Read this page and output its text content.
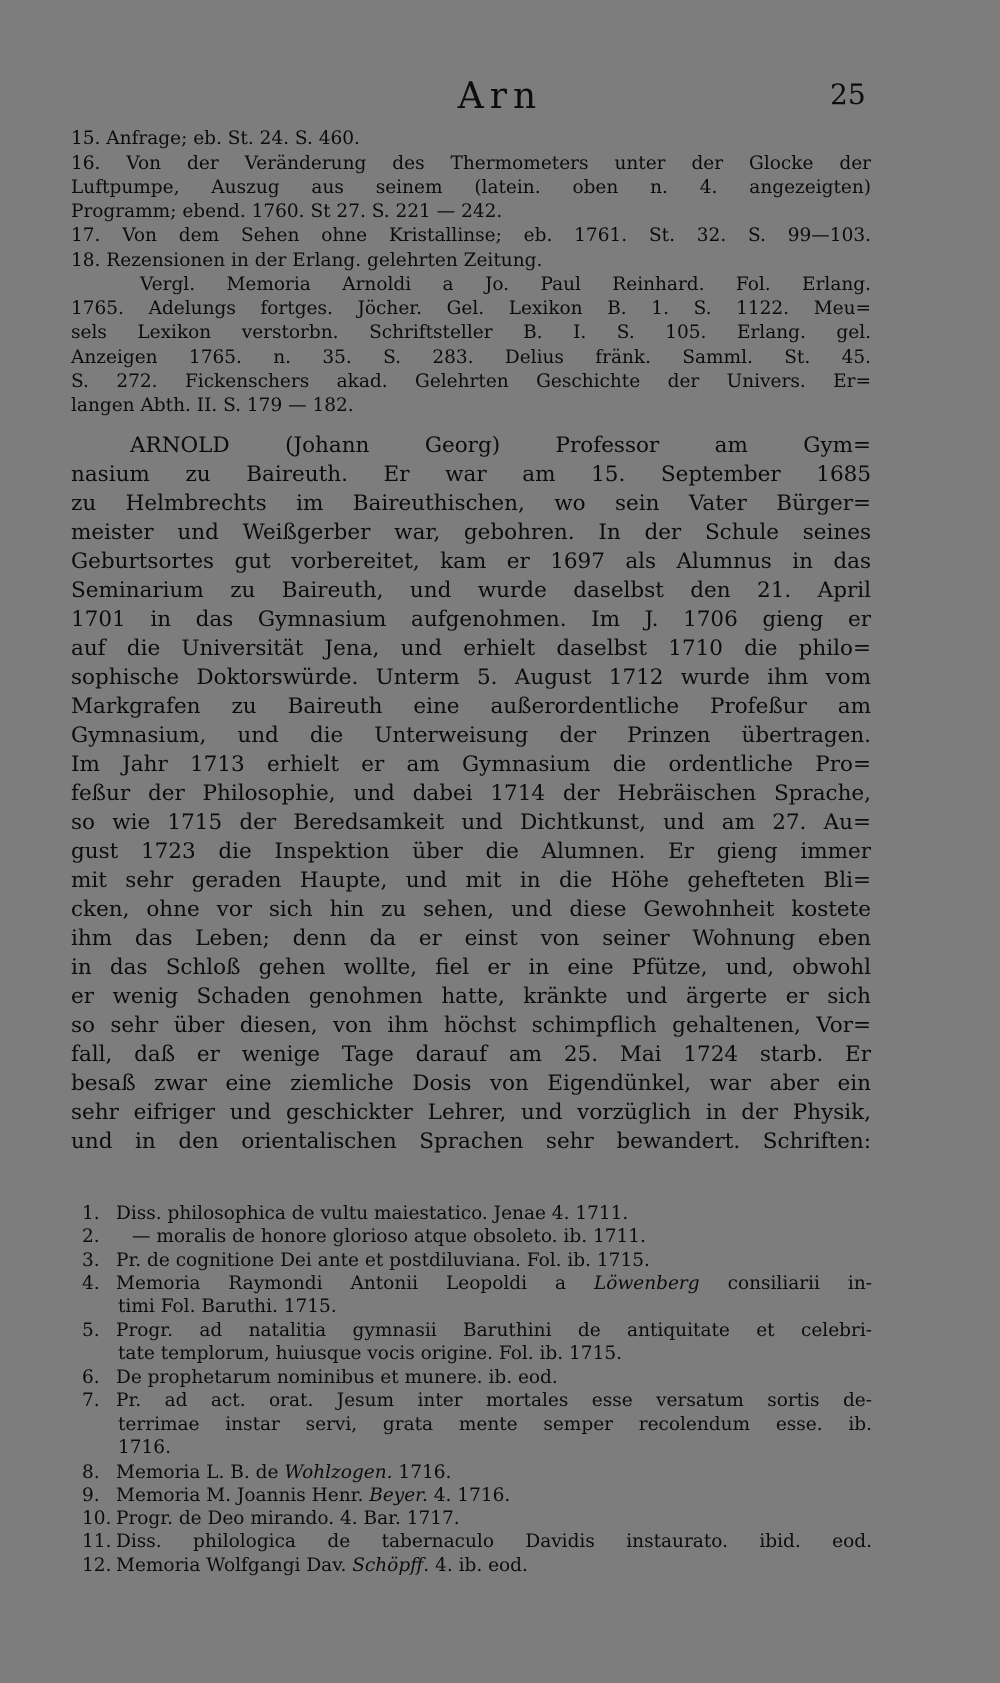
Arn	25
15. Anfrage; eb. St. 24. S. 460.
16. Von der Veränderung des Thermometers unter der Glocke der
Luftpumpe, Auszug aus seinem (latein. oben n. 4. angezeigten)
Programm; ebend. 1760. St 27. S. 221 — 242.
17. Von dem Sehen ohne Kristallinse; eb. 1761. St. 32. S. 99—103.
18. Rezensionen in der Erlang. gelehrten Zeitung.
Vergl. Memoria Arnoldi a Jo. Paul Reinhard. Fol. Erlang.
1765. Adelungs fortges. Jöcher. Gel. Lexikon B. 1. S. 1122. Meu=
sels Lexikon verstorbn. Schriftsteller B. I. S. 105. Erlang. gel.
Anzeigen 1765. n. 35. S. 283. Delius fränk. Samml. St. 45.
S. 272. Fickenschers akad. Gelehrten Geschichte der Univers. Er=
langen Abth. II. S. 179 — 182.
ARNOLD (Johann Georg) Professor am Gym=
nasium zu Baireuth. Er war am 15. September 1685
zu Helmbrechts im Baireuthischen, wo sein Vater Bürger=
meister und Weißgerber war, gebohren. In der Schule seines
Geburtsortes gut vorbereitet, kam er 1697 als Alumnus in das
Seminarium zu Baireuth, und wurde daselbst den 21. April
1701 in das Gymnasium aufgenohmen. Im J. 1706 gieng er
auf die Universität Jena, und erhielt daselbst 1710 die philo=
sophische Doktorswürde. Unterm 5. August 1712 wurde ihm vom
Markgrafen zu Baireuth eine außerordentliche Profeßur am
Gymnasium, und die Unterweisung der Prinzen übertragen.
Im Jahr 1713 erhielt er am Gymnasium die ordentliche Pro=
feßur der Philosophie, und dabei 1714 der Hebräischen Sprache,
so wie 1715 der Beredsamkeit und Dichtkunst, und am 27. Au=
gust 1723 die Inspektion über die Alumnen. Er gieng immer
mit sehr geraden Haupte, und mit in die Höhe gehefteten Bli=
cken, ohne vor sich hin zu sehen, und diese Gewohnheit kostete
ihm das Leben; denn da er einst von seiner Wohnung eben
in das Schloß gehen wollte, fiel er in eine Pfütze, und, obwohl
er wenig Schaden genohmen hatte, kränkte und ärgerte er sich
so sehr über diesen, von ihm höchst schimpflich gehaltenen, Vor=
fall, daß er wenige Tage darauf am 25. Mai 1724 starb. Er
besaß zwar eine ziemliche Dosis von Eigendünkel, war aber ein
sehr eifriger und geschickter Lehrer, und vorzüglich in der Physik,
und in den orientalischen Sprachen sehr bewandert. Schriften:
1. Diss. philosophica de vultu maiestatico. Jenae 4. 1711.
2. — moralis de honore glorioso atque obsoleto. ib. 1711.
3. Pr. de cognitione Dei ante et postdiluviana. Fol. ib. 1715.
4. Memoria Raymondi Antonii Leopoldi a Löwenberg consiliarii in-
timi Fol. Baruthi. 1715.
5. Progr. ad natalitia gymnasii Baruthini de antiquitate et celebri-
tate templorum, huiusque vocis origine. Fol. ib. 1715.
6. De prophetarum nominibus et munere. ib. eod.
7. Pr. ad act. orat. Jesum inter mortales esse versatum sortis de-
terrimae instar servi, grata mente semper recolendum esse. ib.
1716.
8. Memoria L. B. de Wohlzogen. 1716.
9. Memoria M. Joannis Henr. Beyer. 4. 1716.
10. Progr. de Deo mirando. 4. Bar. 1717.
11. Diss. philologica de tabernaculo Davidis instaurato. ibid. eod.
12. Memoria Wolfgangi Dav. Schöpff. 4. ib. eod.
